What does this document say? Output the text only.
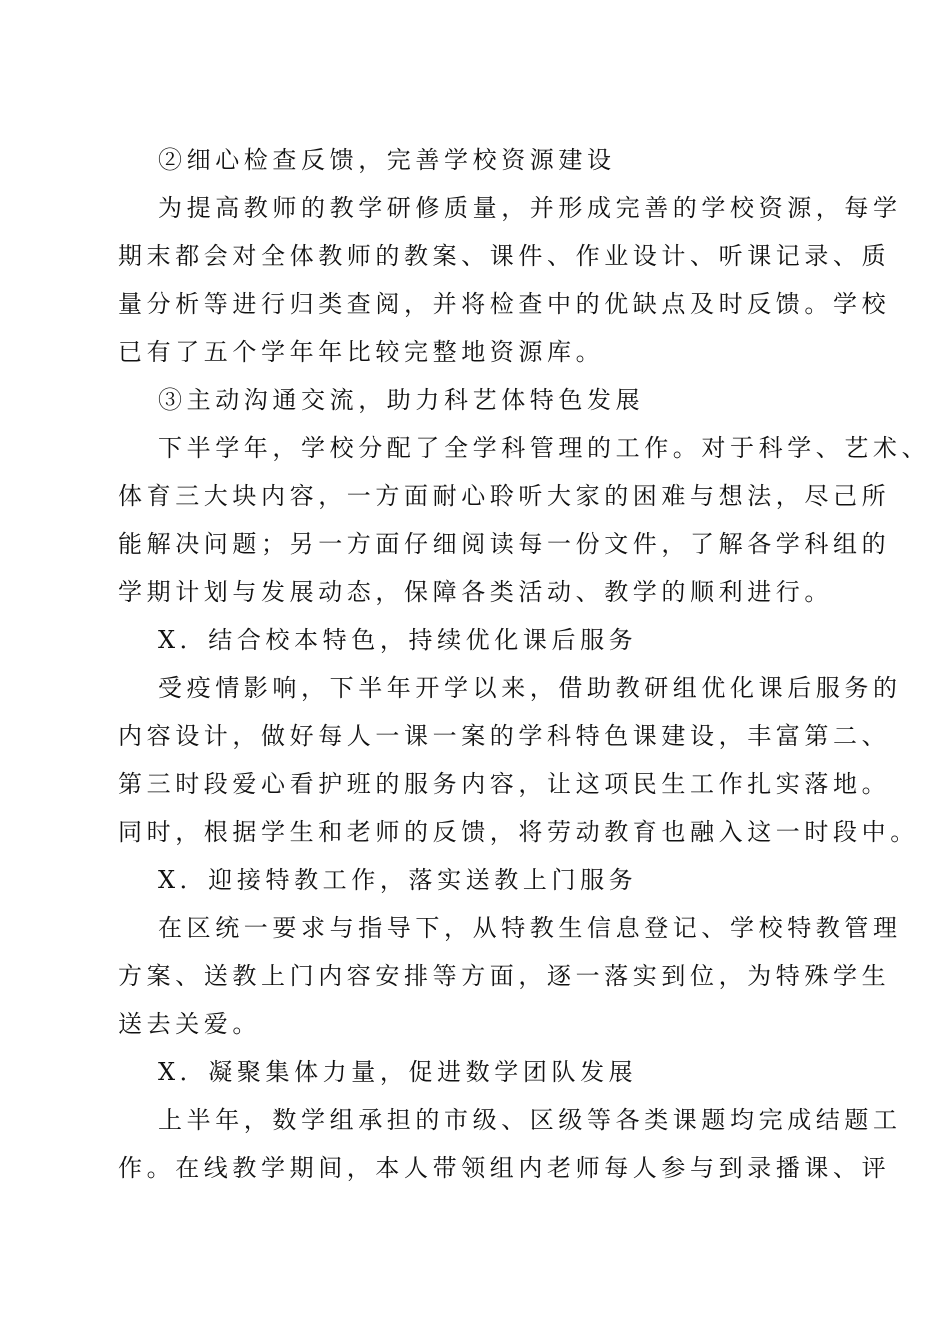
②细心检查反馈，完善学校资源建设
为提高教师的教学研修质量，并形成完善的学校资源，每学
期末都会对全体教师的教案、课件、作业设计、听课记录、质
量分析等进行归类查阅，并将检查中的优缺点及时反馈。学校
已有了五个学年年比较完整地资源库。
③主动沟通交流，助力科艺体特色发展
下半学年，学校分配了全学科管理的工作。对于科学、艺术、
体育三大块内容，一方面耐心聆听大家的困难与想法，尽己所
能解决问题；另一方面仔细阅读每一份文件，了解各学科组的
学期计划与发展动态，保障各类活动、教学的顺利进行。
X．结合校本特色，持续优化课后服务
受疫情影响，下半年开学以来，借助教研组优化课后服务的
内容设计，做好每人一课一案的学科特色课建设，丰富第二、
第三时段爱心看护班的服务内容，让这项民生工作扎实落地。
同时，根据学生和老师的反馈，将劳动教育也融入这一时段中。
X．迎接特教工作，落实送教上门服务
在区统一要求与指导下，从特教生信息登记、学校特教管理
方案、送教上门内容安排等方面，逐一落实到位，为特殊学生
送去关爱。
X．凝聚集体力量，促进数学团队发展
上半年，数学组承担的市级、区级等各类课题均完成结题工
作。在线教学期间，本人带领组内老师每人参与到录播课、评
